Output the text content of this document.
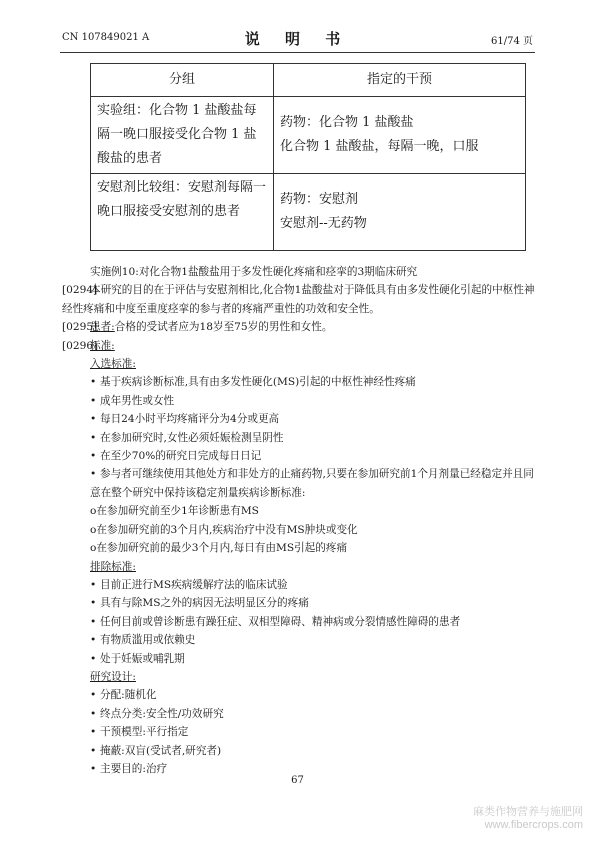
CN 107849021 A	说 明 书	61/74 页
分组	指定的干预
实验组：化合物 1 盐酸盐每隔一晚口服接受化合物 1 盐酸盐的患者	药物：化合物 1 盐酸盐
化合物 1 盐酸盐，每隔一晚，口服

安慰剂比较组：安慰剂每隔一晚口服接受安慰剂的患者	药物：安慰剂
安慰剂--无药物

实施例10:对化合物1盐酸盐用于多发性硬化疼痛和痉挛的3期临床研究

[0294]本研究的目的在于评估与安慰剂相比,化合物1盐酸盐对于降低具有由多发性硬化引起的中枢性神经性疼痛和中度至重度痉挛的参与者的疼痛严重性的功效和安全性。

[0295]患者:合格的受试者应为18岁至75岁的男性和女性。

[0296]标准:

入选标准:

• 基于疾病诊断标准,具有由多发性硬化(MS)引起的中枢性神经性疼痛
• 成年男性或女性
• 每日24小时平均疼痛评分为4分或更高
• 在参加研究时,女性必须妊娠检测呈阴性
• 在至少70%的研究日完成每日日记
• 参与者可继续使用其他处方和非处方的止痛药物,只要在参加研究前1个月剂量已经稳定并且同意在整个研究中保持该稳定剂量疾病诊断标准:
o在参加研究前至少1年诊断患有MS
o在参加研究前的3个月内,疾病治疗中没有MS肿块或变化
o在参加研究前的最少3个月内,每日有由MS引起的疼痛

排除标准:

• 目前正进行MS疾病缓解疗法的临床试验
• 具有与除MS之外的病因无法明显区分的疼痛
• 任何目前或曾诊断患有躁狂症、双相型障碍、精神病或分裂情感性障碍的患者
• 有物质滥用或依赖史
• 处于妊娠或哺乳期

研究设计:

• 分配:随机化
• 终点分类:安全性/功效研究
• 干预模型:平行指定
• 掩蔽:双盲(受试者,研究者)
• 主要目的:治疗
67
麻类作物营养与施肥网
www.fibercrops.com
